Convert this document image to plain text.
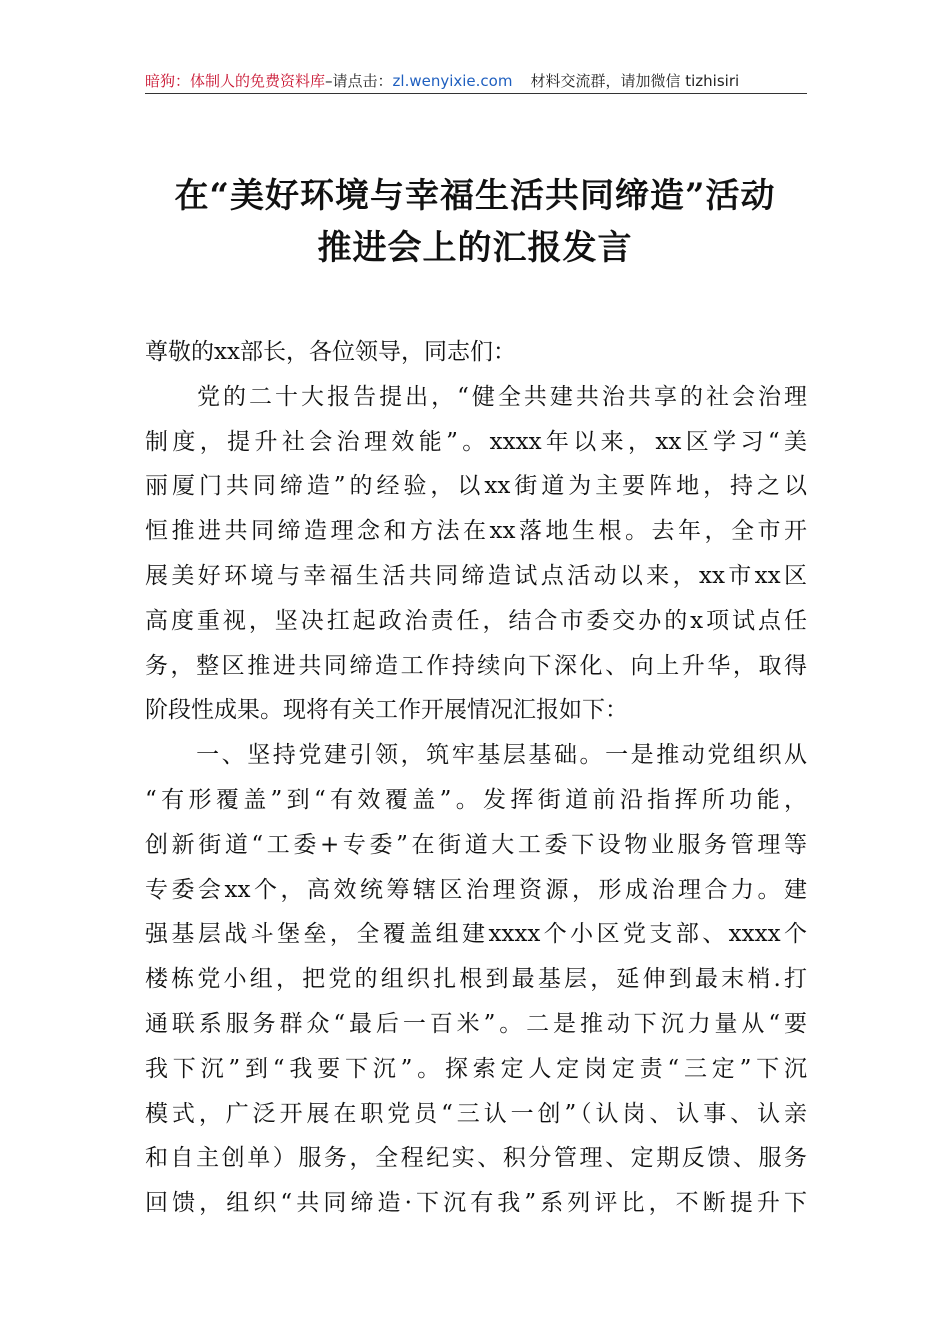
暗狗：体制人的免费资料库–请点击：zl.wenyixie.com 材料交流群，请加微信 tizhisiri
在“美好环境与幸福生活共同缔造”活动
推进会上的汇报发言
尊敬的xx部长，各位领导，同志们：
　　党的二十大报告提出，“健全共建共治共享的社会治理
制度，提升社会治理效能”。xxxx年以来，xx区学习“美
丽厦门共同缔造”的经验，以xx街道为主要阵地，持之以
恒推进共同缔造理念和方法在xx落地生根。去年，全市开
展美好环境与幸福生活共同缔造试点活动以来，xx市xx区
高度重视，坚决扛起政治责任，结合市委交办的x项试点任
务，整区推进共同缔造工作持续向下深化、向上升华，取得
阶段性成果。现将有关工作开展情况汇报如下：
　　一、坚持党建引领，筑牢基层基础。一是推动党组织从
“有形覆盖”到“有效覆盖”。发挥街道前沿指挥所功能，
创新街道“工委+专委”在街道大工委下设物业服务管理等
专委会xx个，高效统筹辖区治理资源，形成治理合力。建
强基层战斗堡垒，全覆盖组建xxxx个小区党支部、xxxx个
楼栋党小组，把党的组织扎根到最基层，延伸到最末梢.打
通联系服务群众“最后一百米”。二是推动下沉力量从“要
我下沉”到“我要下沉”。探索定人定岗定责“三定”下沉
模式，广泛开展在职党员“三认一创”（认岗、认事、认亲
和自主创单）服务，全程纪实、积分管理、定期反馈、服务
回馈，组织“共同缔造·下沉有我”系列评比，不断提升下
